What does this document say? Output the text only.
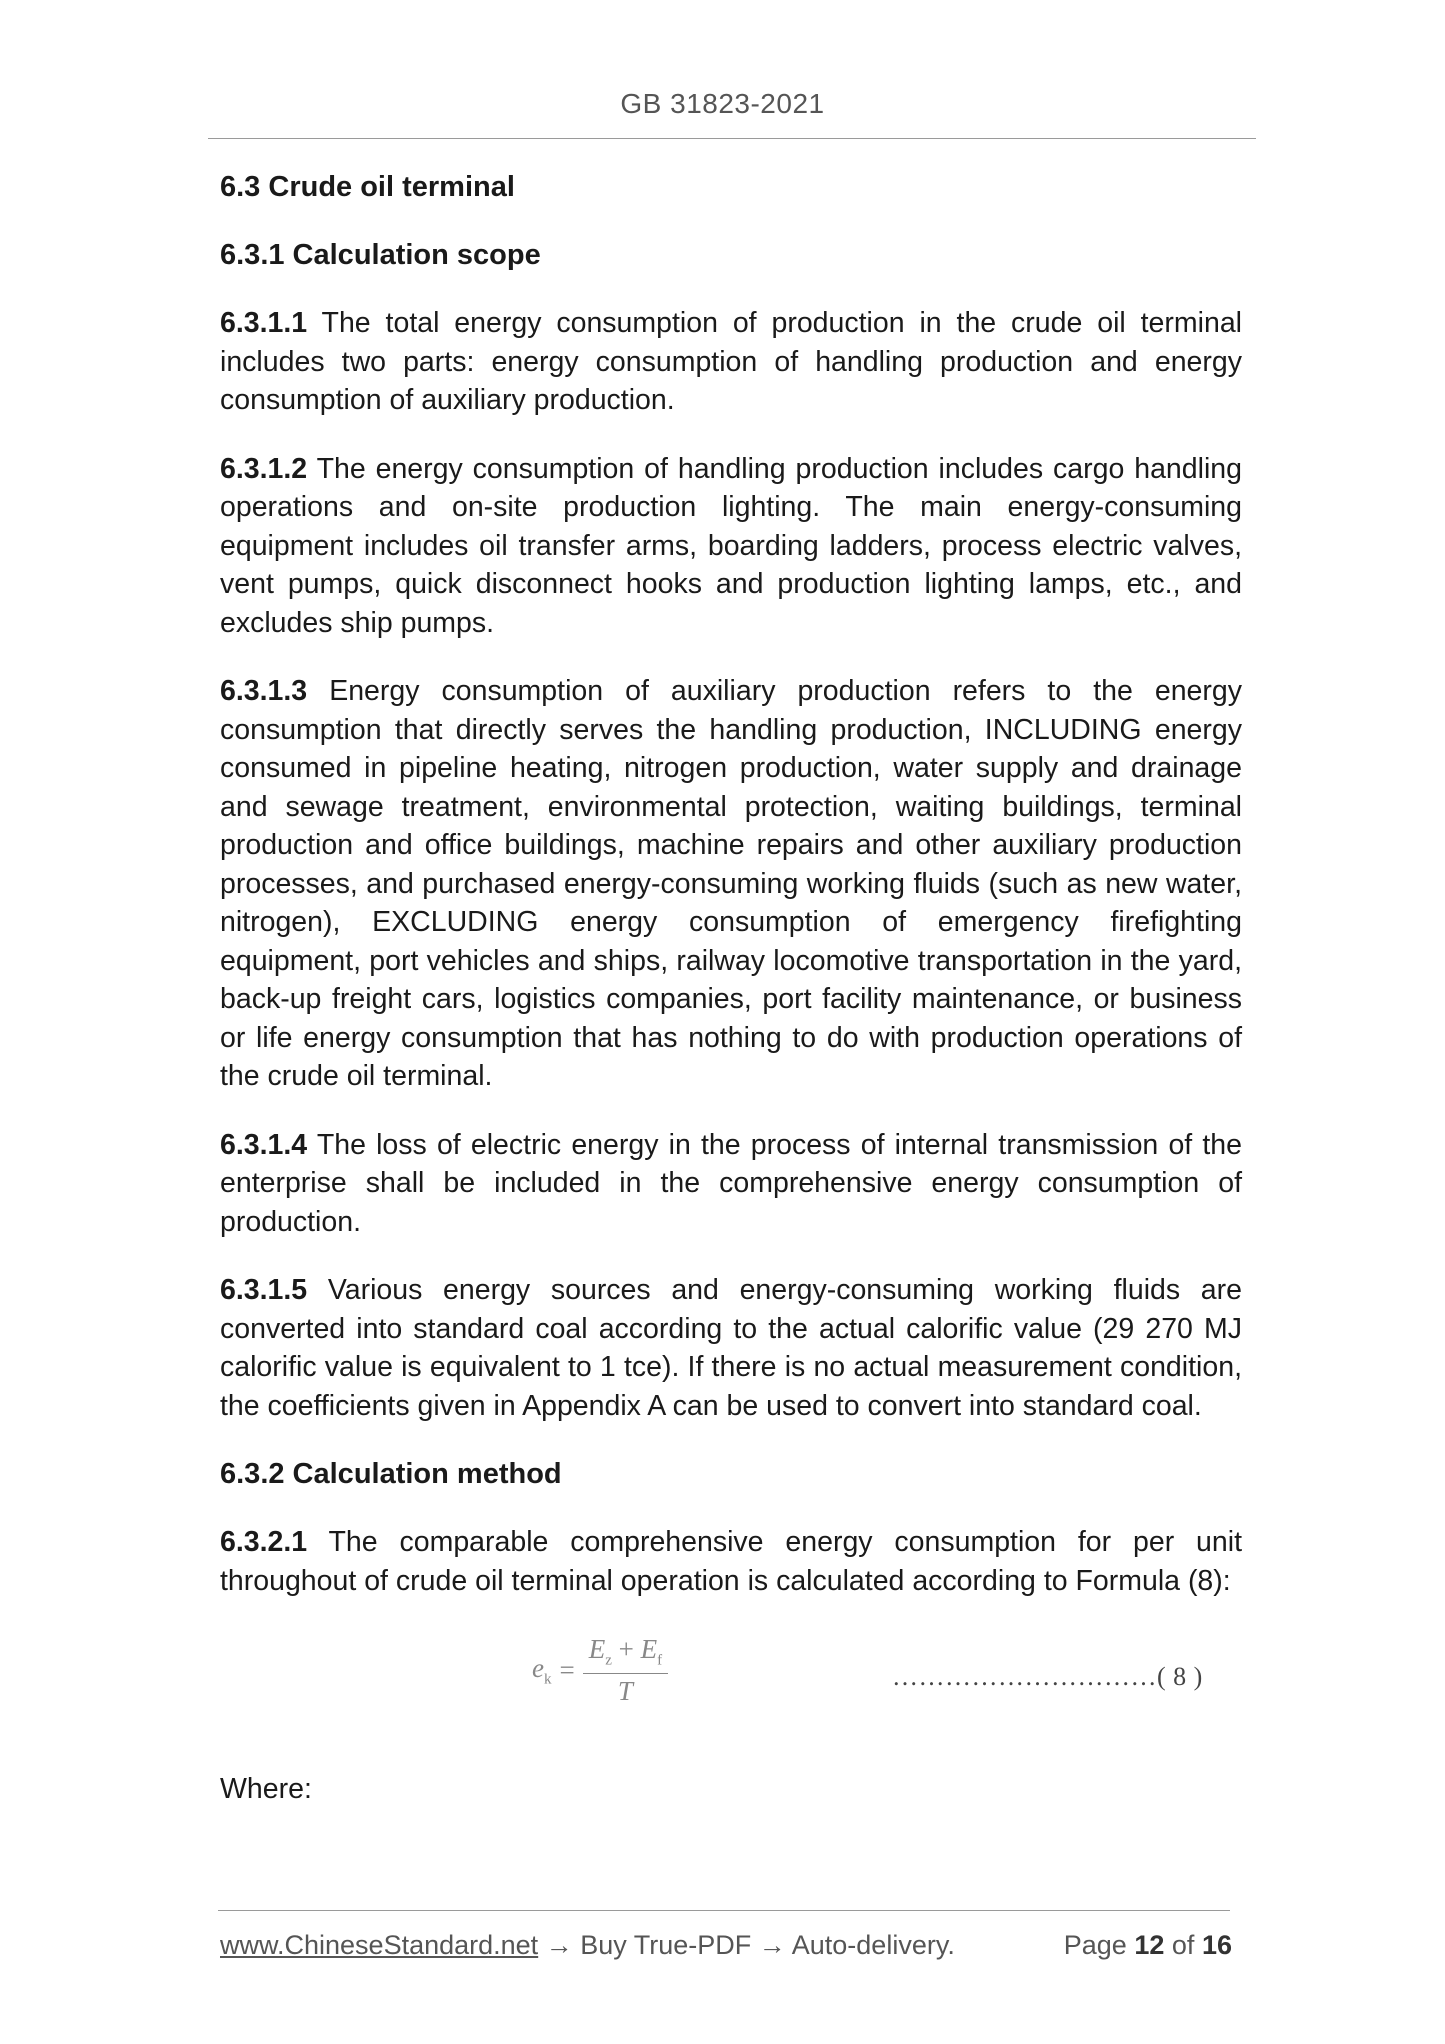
GB 31823-2021
6.3 Crude oil terminal
6.3.1 Calculation scope

6.3.1.1 The total energy consumption of production in the crude oil terminal includes two parts: energy consumption of handling production and energy consumption of auxiliary production.

6.3.1.2 The energy consumption of handling production includes cargo handling operations and on-site production lighting. The main energy-consuming equipment includes oil transfer arms, boarding ladders, process electric valves, vent pumps, quick disconnect hooks and production lighting lamps, etc., and excludes ship pumps.

6.3.1.3 Energy consumption of auxiliary production refers to the energy consumption that directly serves the handling production, INCLUDING energy consumed in pipeline heating, nitrogen production, water supply and drainage and sewage treatment, environmental protection, waiting buildings, terminal production and office buildings, machine repairs and other auxiliary production processes, and purchased energy-consuming working fluids (such as new water, nitrogen), EXCLUDING energy consumption of emergency firefighting equipment, port vehicles and ships, railway locomotive transportation in the yard, back-up freight cars, logistics companies, port facility maintenance, or business or life energy consumption that has nothing to do with production operations of the crude oil terminal.

6.3.1.4 The loss of electric energy in the process of internal transmission of the enterprise shall be included in the comprehensive energy consumption of production.

6.3.1.5 Various energy sources and energy-consuming working fluids are converted into standard coal according to the actual calorific value (29 270 MJ calorific value is equivalent to 1 tce). If there is no actual measurement condition, the coefficients given in Appendix A can be used to convert into standard coal.

6.3.2 Calculation method

6.3.2.1 The comparable comprehensive energy consumption for per unit throughout of crude oil terminal operation is calculated according to Formula (8):

$e_k = \frac{E_z + E_f}{T}$	…………………………( 8 )
Where:
www.ChineseStandard.net → Buy True-PDF → Auto-delivery.	Page 12 of 16
